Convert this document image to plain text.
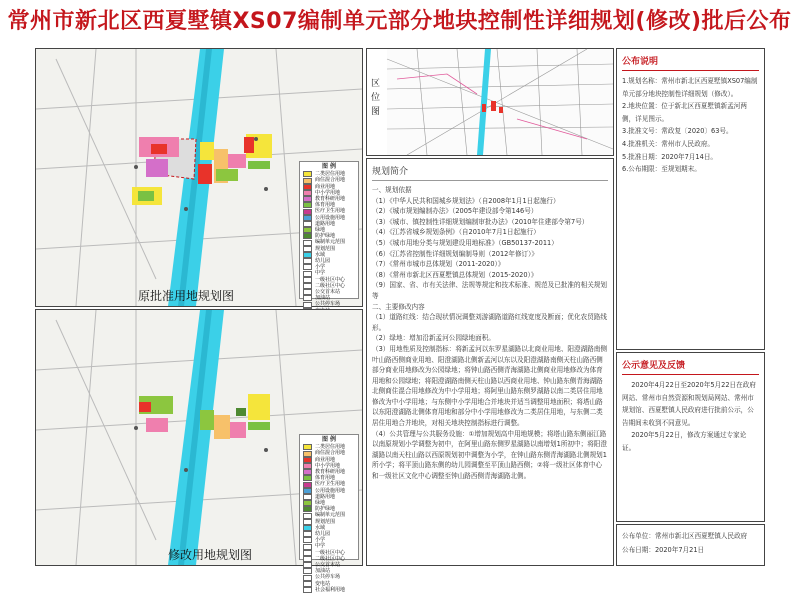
常州市新北区西夏墅镇XS07编制单元部分地块控制性详细规划(修改)批后公布
图 例
二类居住用地
商住混合用地
商业用地
中小学用地
教育科研用地
体育用地
医疗卫生用地
公用设施用地
道路用地
绿地
防护绿地
编制单元范围
规划范围
水域
幼儿园
小学
中学
一级社区中心
二级社区中心
公交首末站
加油站
公共停车场
原批准用地规划图
图 例
二类居住用地
商住混合用地
商业用地
中小学用地
教育科研用地
体育用地
医疗卫生用地
公用设施用地
道路用地
绿地
防护绿地
编制单元范围
规划范围
水域
幼儿园
小学
中学
一级社区中心
二级社区中心
公交首末站
加油站
公共停车场
变电站
社会福利用地
修改用地规划图
区位图
规划简介

一、规划依据

（1）《中华人民共和国城乡规划法》（自2008年1月1日起施行）

（2）《城市规划编制办法》（2005年建设部令第146号）

（3）《城市、镇控制性详细规划编制审批办法》（2010年住建部令第7号）

（4）《江苏省城乡规划条例》（自2010年7月1日起施行）

（5）《城市用地分类与规划建设用地标准》（GB50137-2011）

（6）《江苏省控制性详细规划编制导则（2012年修订）》

（7）《常州市城市总体规划（2011-2020）》

（8）《常州市新北区西夏墅镇总体规划（2015-2020）》

（9）国家、省、市有关法律、法规等规定和技术标准、规范及已批准的相关规划等

二、主要修改内容

（1）道路红线：结合现状情况调整刘游湖路道路红线宽度及断面；优化农贸路线形。

（2）绿地：增加沿新孟河公园绿地面积。

（3）用地性质及控制指标：将新孟河以东罗星湖路以北商业用地、阳澄湖路南侧叶山路西侧商业用地、阳澄湖路北侧新孟河以东以及阳澄湖路南侧天柱山路西侧部分商业用地修改为公园绿地；将钟山路西侧青海湖路北侧商业用地修改为体育用地和公园绿地；将阳澄湖路南侧天柱山路以西商业用地、钟山路东侧青海湖路北侧商住混合用地修改为中小学用地；将阿里山路东侧罗湖路以南二类居住用地修改为中小学用地；与东侧中小学用地合并地块并适当调整用地面积；将塔山路以东阳澄湖路北侧体育用地和部分中小学用地修改为二类居住用地，与东侧二类居住用地合并地块，对相关地块控制指标进行调整。

（4）公共管理与公共服务设施：①增加规划高中用地规模；将塔山路东侧丽江路以南原规划小学调整为初中，在阿里山路东侧罗星湖路以南增划1所初中；将阳澄湖路以南天柱山路以西原规划初中调整为小学，在钟山路东侧青海湖路北侧规划1所小学；将平顶山路东侧的幼儿园调整至平顶山路西侧；②将一级社区体育中心和一级社区文化中心调整至钟山路西侧青海湖路北侧。

公布说明

1.规划名称：常州市新北区西夏墅镇XS07编制单元部分地块控制性详细规划（修改）。

2.地块位置：位于新北区西夏墅镇新孟河两侧，详见图示。

3.批准文号：常政复〔2020〕63号。

4.批准机关：常州市人民政府。

5.批准日期：2020年7月14日。

6.公布期限：至规划期末。

公示意见及反馈

2020年4月22日至2020年5月22日在政府网站、常州市自然资源和规划局网站、常州市规划馆、西夏墅镇人民政府进行批前公示，公告期间未收到不同意见。

2020年5月22日，修改方案通过专家论证。

公布单位：常州市新北区西夏墅镇人民政府

公布日期：2020年7月21日
